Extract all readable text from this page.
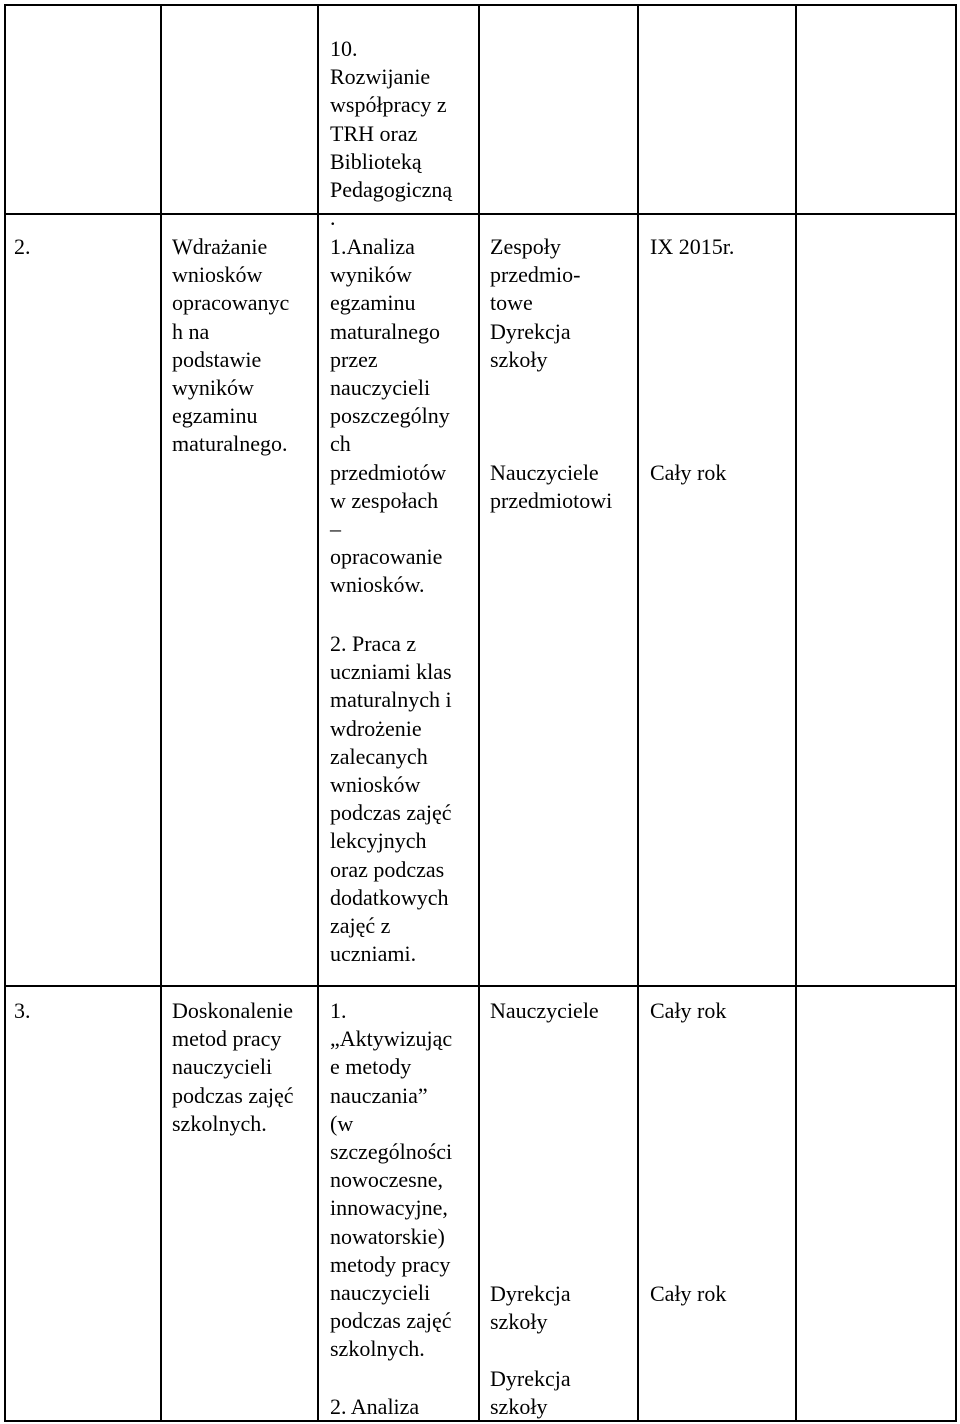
10.
Rozwijanie
współpracy z
TRH oraz
Biblioteką
Pedagogiczną
.
2.	Wdrażanie
wniosków
opracowanyc
h na
podstawie
wyników
egzaminu
maturalnego.
1.Analiza
wyników
egzaminu
maturalnego
przez
nauczycieli
poszczególny
ch
przedmiotów
w zespołach
–
opracowanie
wniosków.
2. Praca z
uczniami klas
maturalnych i
wdrożenie
zalecanych
wniosków
podczas zajęć
lekcyjnych
oraz podczas
dodatkowych
zajęć z
uczniami.
Zespoły
przedmio-
towe
Dyrekcja
szkoły
Nauczyciele
przedmiotowi
IX 2015r.
Cały rok
3.	Doskonalenie
metod pracy
nauczycieli
podczas zajęć
szkolnych.
1.
„Aktywizując
e metody
nauczania”
(w
szczególności
nowoczesne,
innowacyjne,
nowatorskie)
metody pracy
nauczycieli
podczas zajęć
szkolnych.
2. Analiza
Nauczyciele
Dyrekcja
szkoły
Dyrekcja
szkoły
Cały rok
Cały rok
